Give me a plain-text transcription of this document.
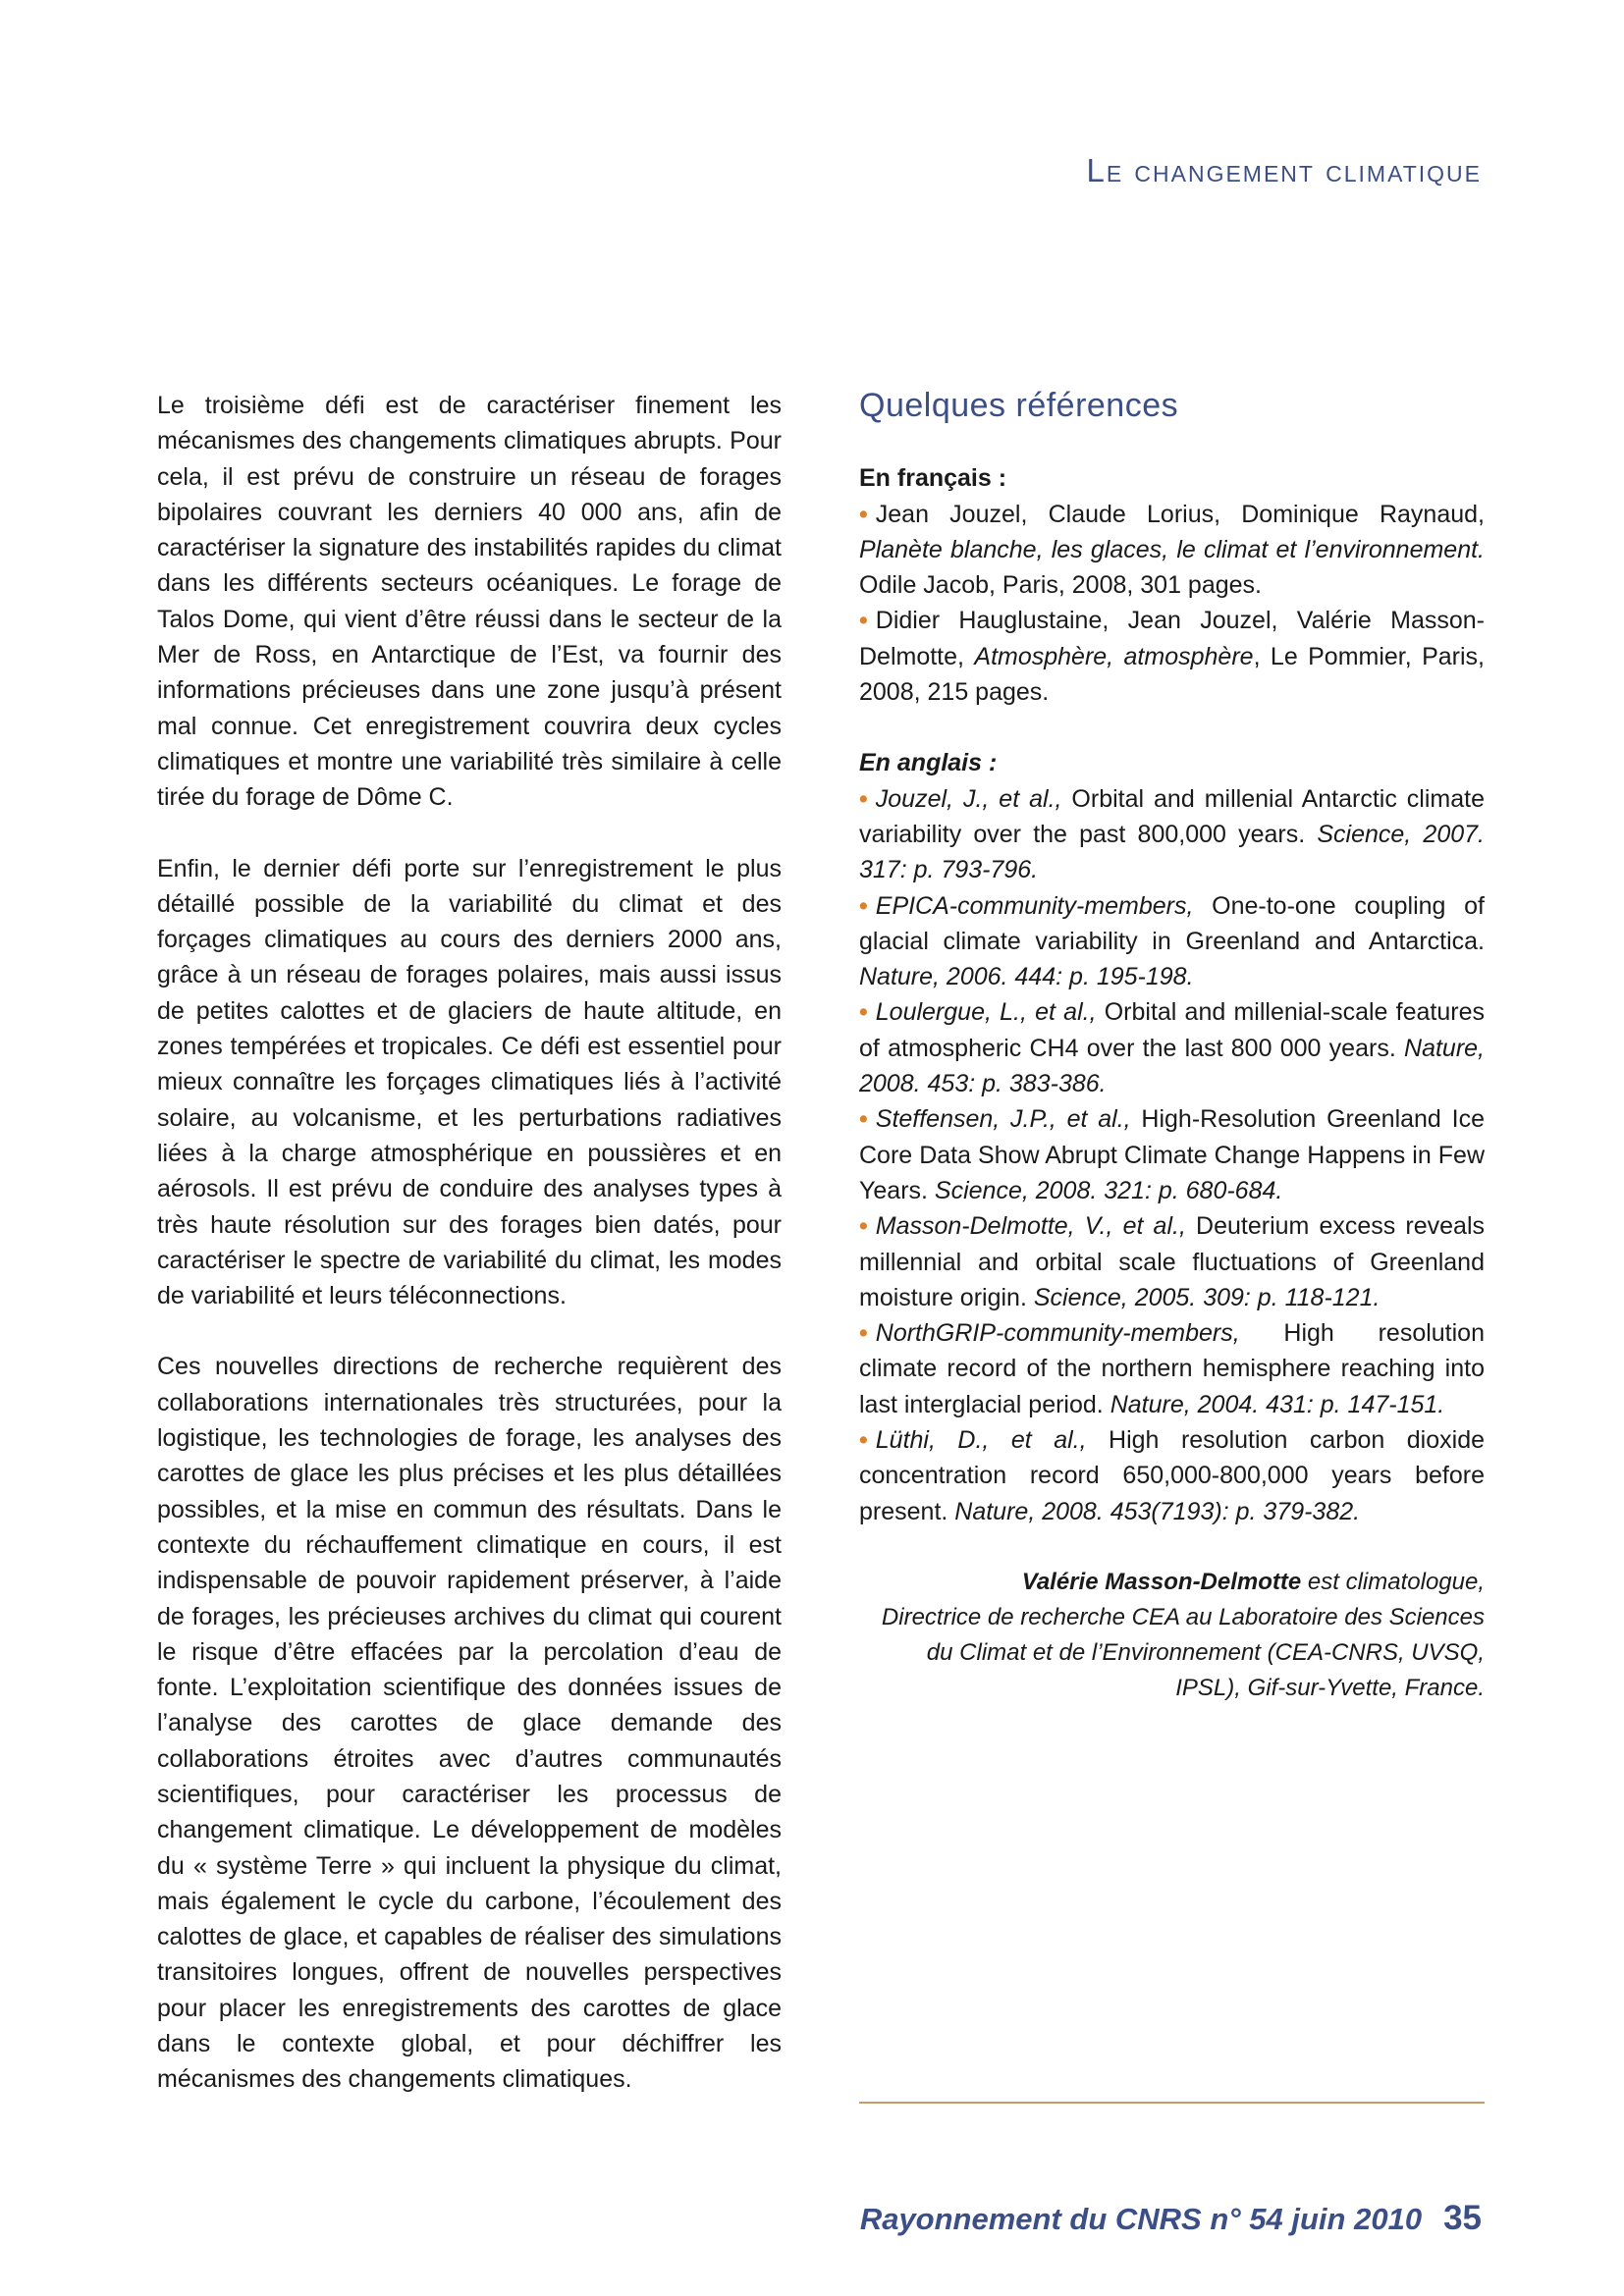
Le changement climatique

Le troisième défi est de caractériser finement les mécanismes des changements climatiques abrupts. Pour cela, il est prévu de construire un réseau de forages bipolaires couvrant les derniers 40 000 ans, afin de caractériser la signature des instabilités rapides du climat dans les différents secteurs océaniques. Le forage de Talos Dome, qui vient d’être réussi dans le secteur de la Mer de Ross, en Antarctique de l’Est, va fournir des informations précieuses dans une zone jusqu’à présent mal connue. Cet enregistrement couvrira deux cycles climatiques et montre une variabilité très similaire à celle tirée du forage de Dôme C.

Enfin, le dernier défi porte sur l’enregistrement le plus détaillé possible de la variabilité du climat et des forçages climatiques au cours des derniers 2000 ans, grâce à un réseau de forages polaires, mais aussi issus de petites calottes et de glaciers de haute altitude, en zones tempérées et tropicales. Ce défi est essentiel pour mieux connaître les forçages climatiques liés à l’activité solaire, au volcanisme, et les perturbations radiatives liées à la charge atmosphérique en poussières et en aérosols. Il est prévu de conduire des analyses types à très haute résolution sur des forages bien datés, pour caractériser le spectre de variabilité du climat, les modes de variabilité et leurs téléconnections.

Ces nouvelles directions de recherche requièrent des collaborations internationales très structurées, pour la logistique, les technologies de forage, les analyses des carottes de glace les plus précises et les plus détaillées possibles, et la mise en commun des résultats. Dans le contexte du réchauffement climatique en cours, il est indispensable de pouvoir rapidement préserver, à l’aide de forages, les précieuses archives du climat qui courent le risque d’être effacées par la percolation d’eau de fonte. L’exploitation scientifique des données issues de l’analyse des carottes de glace demande des collaborations étroites avec d’autres communautés scientifiques, pour caractériser les processus de changement climatique. Le développement de modèles du « système Terre » qui incluent la physique du climat, mais également le cycle du carbone, l’écoulement des calottes de glace, et capables de réaliser des simulations transitoires longues, offrent de nouvelles perspectives pour placer les enregistrements des carottes de glace dans le contexte global, et pour déchiffrer les mécanismes des changements climatiques.

Quelques références

En français :

• Jean Jouzel, Claude Lorius, Dominique Raynaud, Planète blanche, les glaces, le climat et l’environnement. Odile Jacob, Paris, 2008, 301 pages.
• Didier Hauglustaine, Jean Jouzel, Valérie Masson-Delmotte, Atmosphère, atmosphère, Le Pommier, Paris, 2008, 215 pages.

En anglais :

• Jouzel, J., et al., Orbital and millenial Antarctic climate variability over the past 800,000 years. Science, 2007. 317: p. 793-796.
• EPICA-community-members, One-to-one coupling of glacial climate variability in Greenland and Antarctica. Nature, 2006. 444: p. 195-198.
• Loulergue, L., et al., Orbital and millenial-scale features of atmospheric CH4 over the last 800 000 years. Nature, 2008. 453: p. 383-386.
• Steffensen, J.P., et al., High-Resolution Greenland Ice Core Data Show Abrupt Climate Change Happens in Few Years. Science, 2008. 321: p. 680-684.
• Masson-Delmotte, V., et al., Deuterium excess reveals millennial and orbital scale fluctuations of Greenland moisture origin. Science, 2005. 309: p. 118-121.
• NorthGRIP-community-members, High resolution climate record of the northern hemisphere reaching into last interglacial period. Nature, 2004. 431: p. 147-151.
• Lüthi, D., et al., High resolution carbon dioxide concentration record 650,000-800,000 years before present. Nature, 2008. 453(7193): p. 379-382.
Valérie Masson-Delmotte est climatologue,
Directrice de recherche CEA au Laboratoire des Sciences du Climat et de l’Environnement (CEA-CNRS, UVSQ, IPSL), Gif-sur-Yvette, France.
Rayonnement du CNRS n° 54 juin 2010 35
